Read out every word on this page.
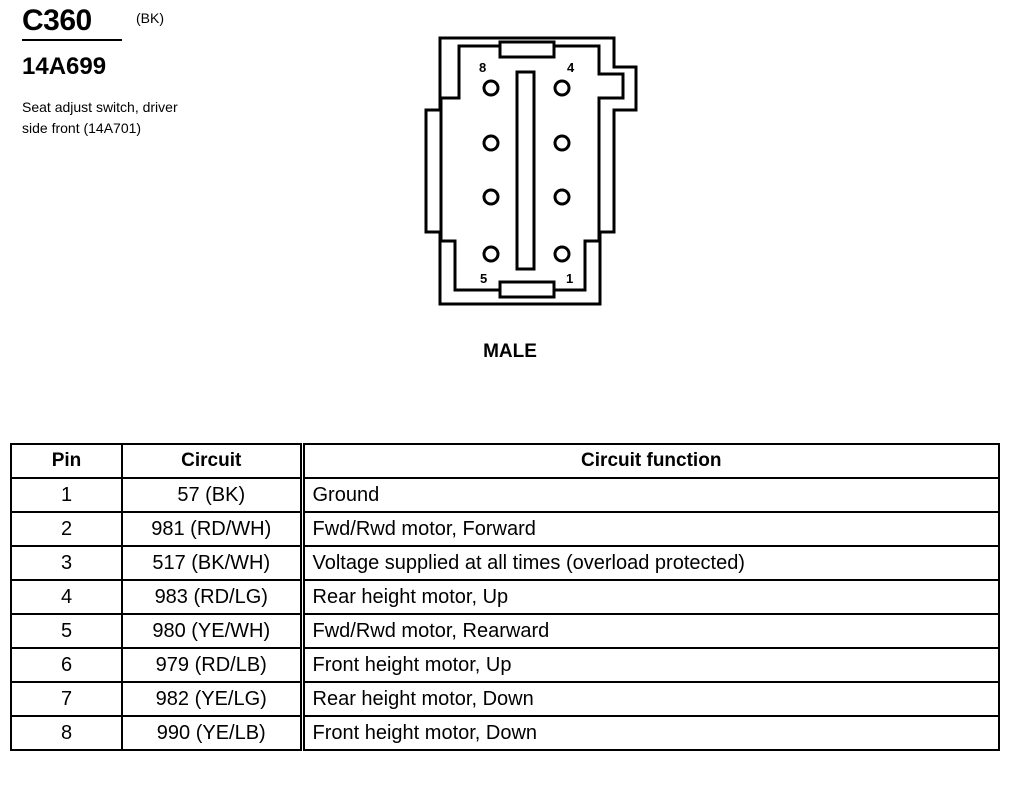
C360	(BK)
14A699
Seat adjust switch, driver
side front (14A701)
8	4
5	1
MALE
Pin	Circuit	Circuit function
1	57 (BK)	Ground
2	981 (RD/WH)	Fwd/Rwd motor, Forward
3	517 (BK/WH)	Voltage supplied at all times (overload protected)
4	983 (RD/LG)	Rear height motor, Up
5	980 (YE/WH)	Fwd/Rwd motor, Rearward
6	979 (RD/LB)	Front height motor, Up
7	982 (YE/LG)	Rear height motor, Down
8	990 (YE/LB)	Front height motor, Down
